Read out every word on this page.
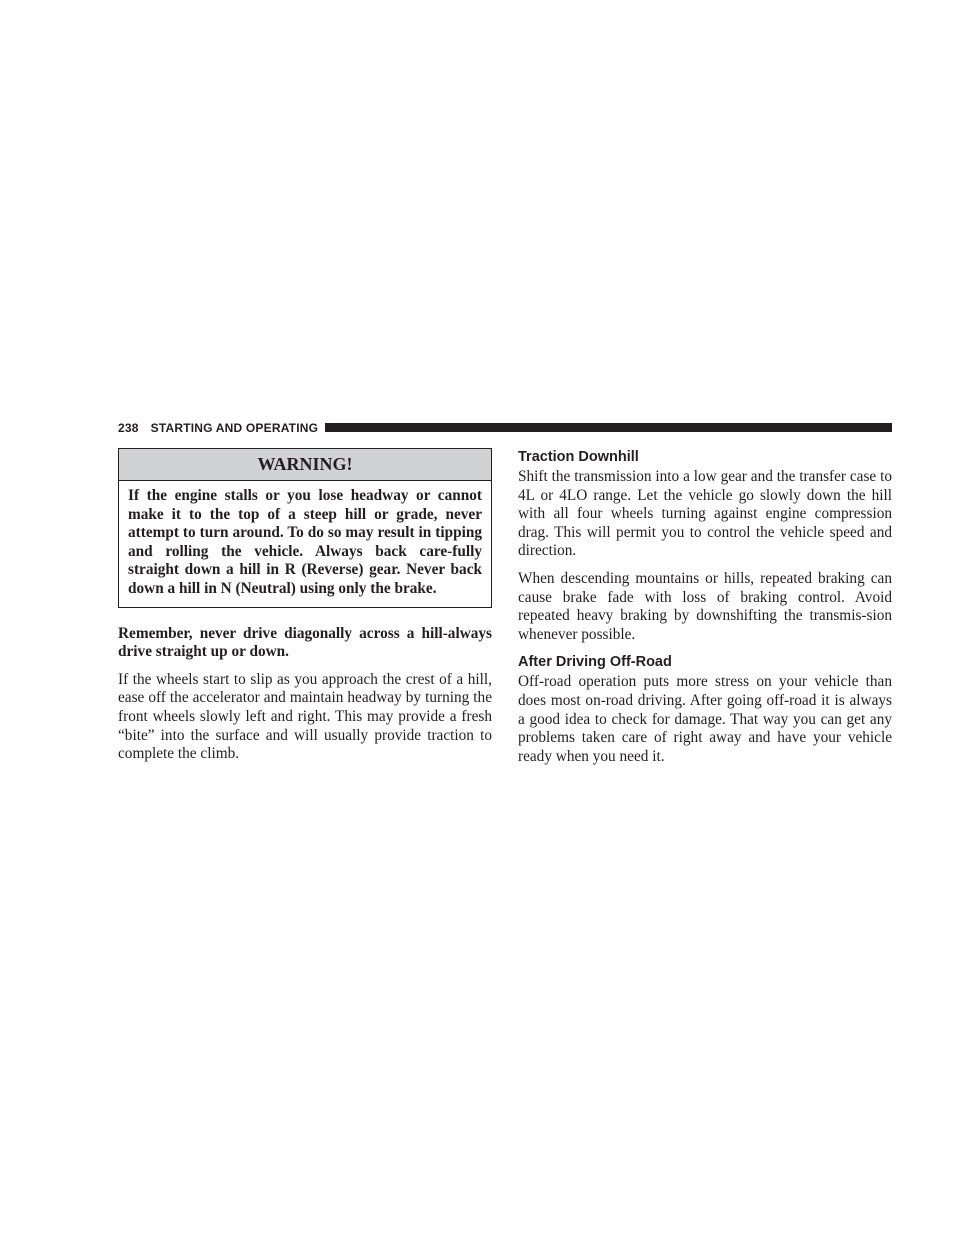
238 STARTING AND OPERATING
WARNING!
If the engine stalls or you lose headway or cannot make it to the top of a steep hill or grade, never attempt to turn around. To do so may result in tipping and rolling the vehicle. Always back care-fully straight down a hill in R (Reverse) gear. Never back down a hill in N (Neutral) using only the brake.

Remember, never drive diagonally across a hill-always drive straight up or down.

If the wheels start to slip as you approach the crest of a hill, ease off the accelerator and maintain headway by turning the front wheels slowly left and right. This may provide a fresh “bite” into the surface and will usually provide traction to complete the climb.

Traction Downhill

Shift the transmission into a low gear and the transfer case to 4L or 4LO range. Let the vehicle go slowly down the hill with all four wheels turning against engine compression drag. This will permit you to control the vehicle speed and direction.

When descending mountains or hills, repeated braking can cause brake fade with loss of braking control. Avoid repeated heavy braking by downshifting the transmis-sion whenever possible.

After Driving Off-Road

Off-road operation puts more stress on your vehicle than does most on-road driving. After going off-road it is always a good idea to check for damage. That way you can get any problems taken care of right away and have your vehicle ready when you need it.
